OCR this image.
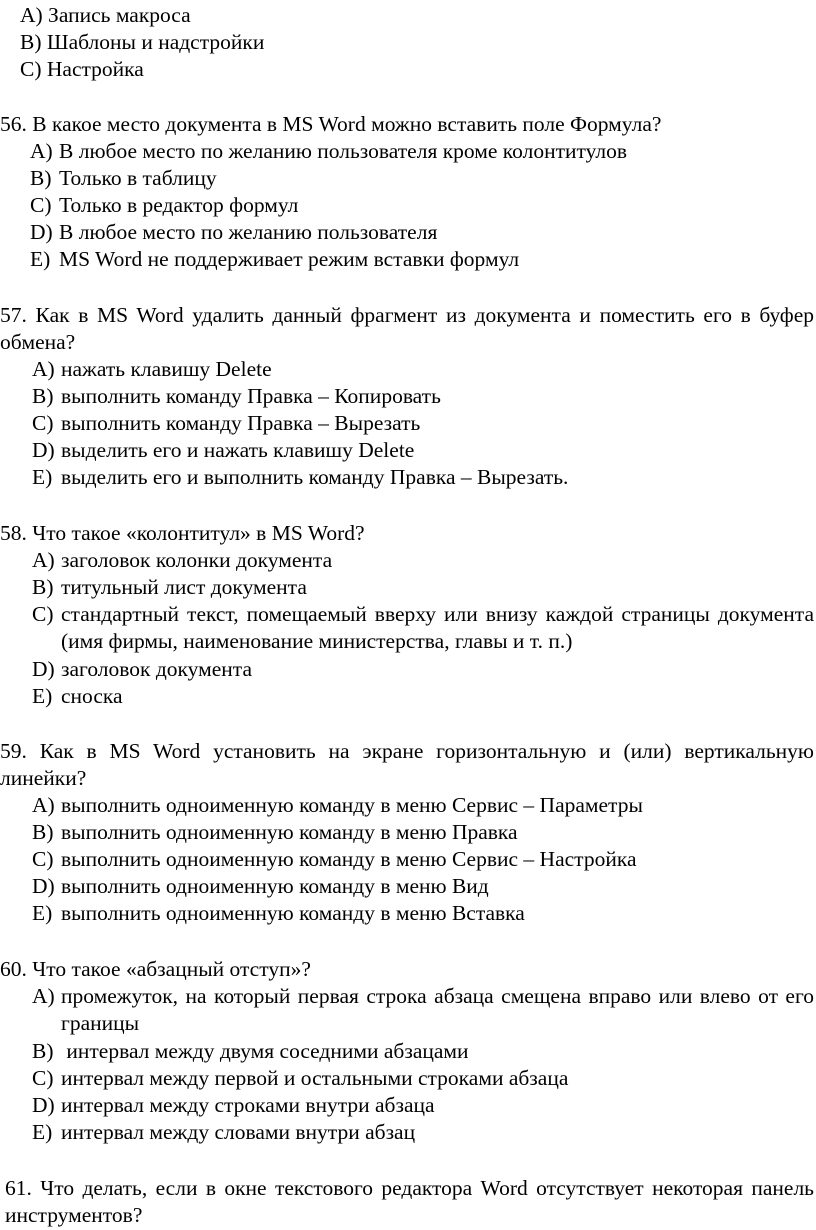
А) Запись макроса
В) Шаблоны и надстройки
С) Настройка
56. В какое место документа в MS Word можно вставить поле Формула?
A) В любое место по желанию пользователя кроме колонтитулов
B) Только в таблицу
C) Только в редактор формул
D) В любое место по желанию пользователя
E) MS Word не поддерживает режим вставки формул
57. Как в MS Word удалить данный фрагмент из документа и поместить его в буфер обмена?
A) нажать клавишу Delete
B) выполнить команду Правка – Копировать
C) выполнить команду Правка – Вырезать
D) выделить его и нажать клавишу Delete
E) выделить его и выполнить команду Правка – Вырезать.
58. Что такое «колонтитул» в MS Word?
A) заголовок колонки документа
B) титульный лист документа
C) стандартный текст, помещаемый вверху или внизу каждой страницы документа (имя фирмы, наименование министерства, главы и т. п.)
D) заголовок документа
E) сноска
59. Как в MS Word установить на экране горизонтальную и (или) вертикальную линейки?
A) выполнить одноименную команду в меню Сервис – Параметры
B) выполнить одноименную команду в меню Правка
C) выполнить одноименную команду в меню Сервис – Настройка
D) выполнить одноименную команду в меню Вид
E) выполнить одноименную команду в меню Вставка
60. Что такое «абзацный отступ»?
A) промежуток, на который первая строка абзаца смещена вправо или влево от его границы
B) интервал между двумя соседними абзацами
C) интервал между первой и остальными строками абзаца
D) интервал между строками внутри абзаца
E) интервал между словами внутри абзац
61. Что делать, если в окне текстового редактора Word отсутствует некоторая панель инструментов?
